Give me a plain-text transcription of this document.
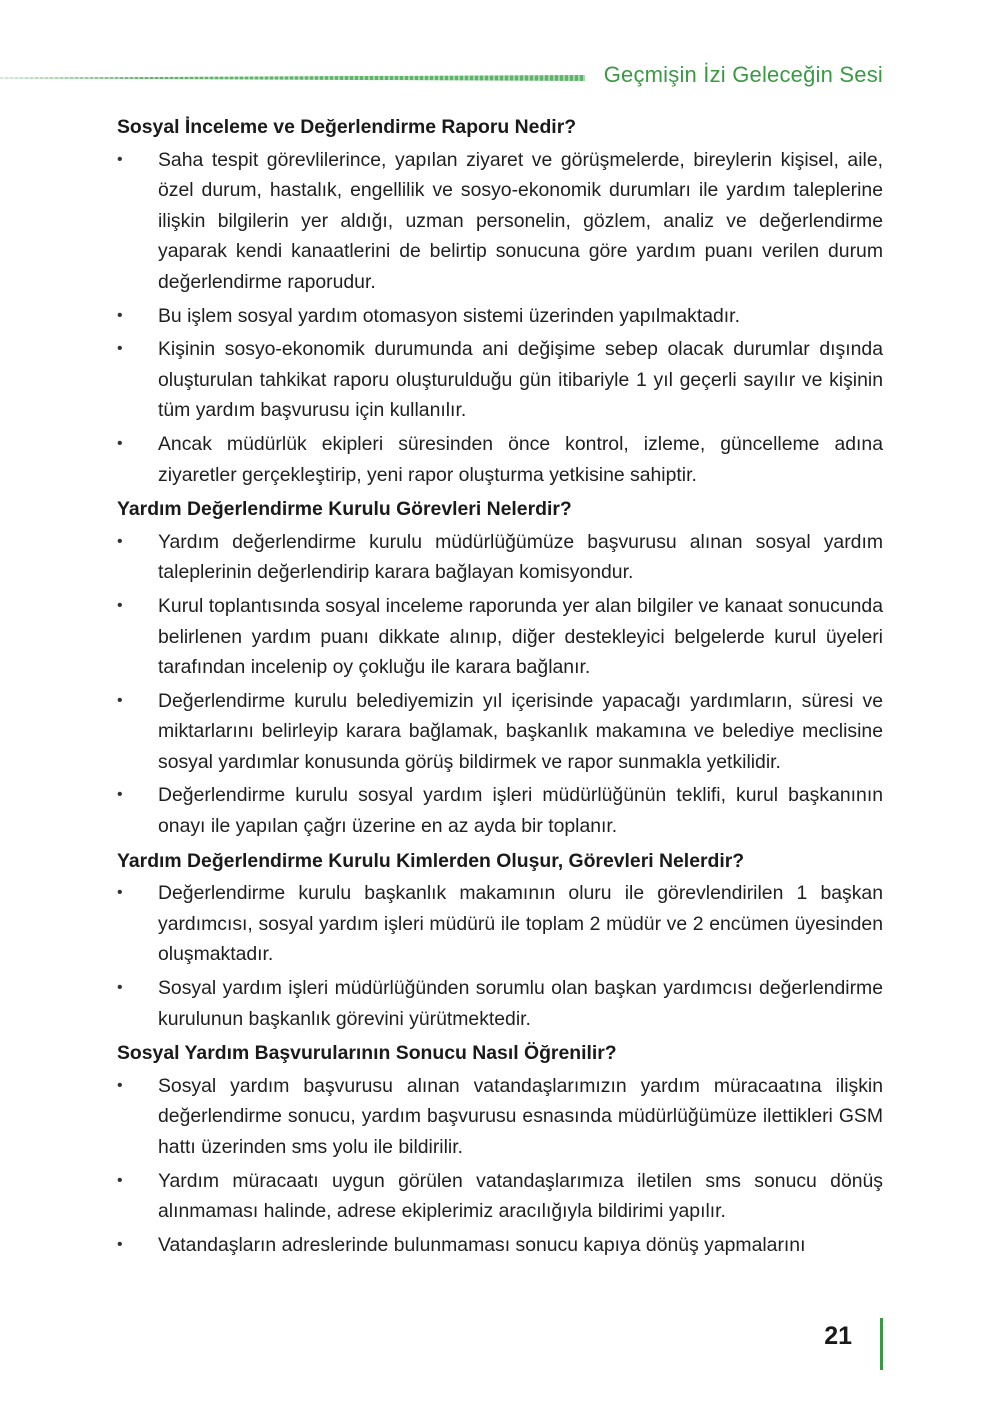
Geçmişin İzi Geleceğin Sesi
Sosyal İnceleme ve Değerlendirme Raporu Nedir?
• Saha tespit görevlilerince, yapılan ziyaret ve görüşmelerde, bireylerin kişisel, aile, özel durum, hastalık, engellilik ve sosyo-ekonomik durumları ile yardım taleplerine ilişkin bilgilerin yer aldığı, uzman personelin, gözlem, analiz ve değerlendirme yaparak kendi kanaatlerini de belirtip sonucuna göre yardım puanı verilen durum değerlendirme raporudur.
• Bu işlem sosyal yardım otomasyon sistemi üzerinden yapılmaktadır.
• Kişinin sosyo-ekonomik durumunda ani değişime sebep olacak durumlar dışında oluşturulan tahkikat raporu oluşturulduğu gün itibariyle 1 yıl geçerli sayılır ve kişinin tüm yardım başvurusu için kullanılır.
• Ancak müdürlük ekipleri süresinden önce kontrol, izleme, güncelleme adına ziyaretler gerçekleştirip, yeni rapor oluşturma yetkisine sahiptir.
Yardım Değerlendirme Kurulu Görevleri Nelerdir?
• Yardım değerlendirme kurulu müdürlüğümüze başvurusu alınan sosyal yardım taleplerinin değerlendirip karara bağlayan komisyondur.
• Kurul toplantısında sosyal inceleme raporunda yer alan bilgiler ve kanaat sonucunda belirlenen yardım puanı dikkate alınıp, diğer destekleyici belgelerde kurul üyeleri tarafından incelenip oy çokluğu ile karara bağlanır.
• Değerlendirme kurulu belediyemizin yıl içerisinde yapacağı yardımların, süresi ve miktarlarını belirleyip karara bağlamak, başkanlık makamına ve belediye meclisine sosyal yardımlar konusunda görüş bildirmek ve rapor sunmakla yetkilidir.
• Değerlendirme kurulu sosyal yardım işleri müdürlüğünün teklifi, kurul başkanının onayı ile yapılan çağrı üzerine en az ayda bir toplanır.
Yardım Değerlendirme Kurulu Kimlerden Oluşur, Görevleri Nelerdir?
• Değerlendirme kurulu başkanlık makamının oluru ile görevlendirilen 1 başkan yardımcısı, sosyal yardım işleri müdürü ile toplam 2 müdür ve 2 encümen üyesinden oluşmaktadır.
• Sosyal yardım işleri müdürlüğünden sorumlu olan başkan yardımcısı değerlendirme kurulunun başkanlık görevini yürütmektedir.
Sosyal Yardım Başvurularının Sonucu Nasıl Öğrenilir?
• Sosyal yardım başvurusu alınan vatandaşlarımızın yardım müracaatına ilişkin değerlendirme sonucu, yardım başvurusu esnasında müdürlüğümüze ilettikleri GSM hattı üzerinden sms yolu ile bildirilir.
• Yardım müracaatı uygun görülen vatandaşlarımıza iletilen sms sonucu dönüş alınmaması halinde, adrese ekiplerimiz aracılığıyla bildirimi yapılır.
• Vatandaşların adreslerinde bulunmaması sonucu kapıya dönüş yapmalarını
21
